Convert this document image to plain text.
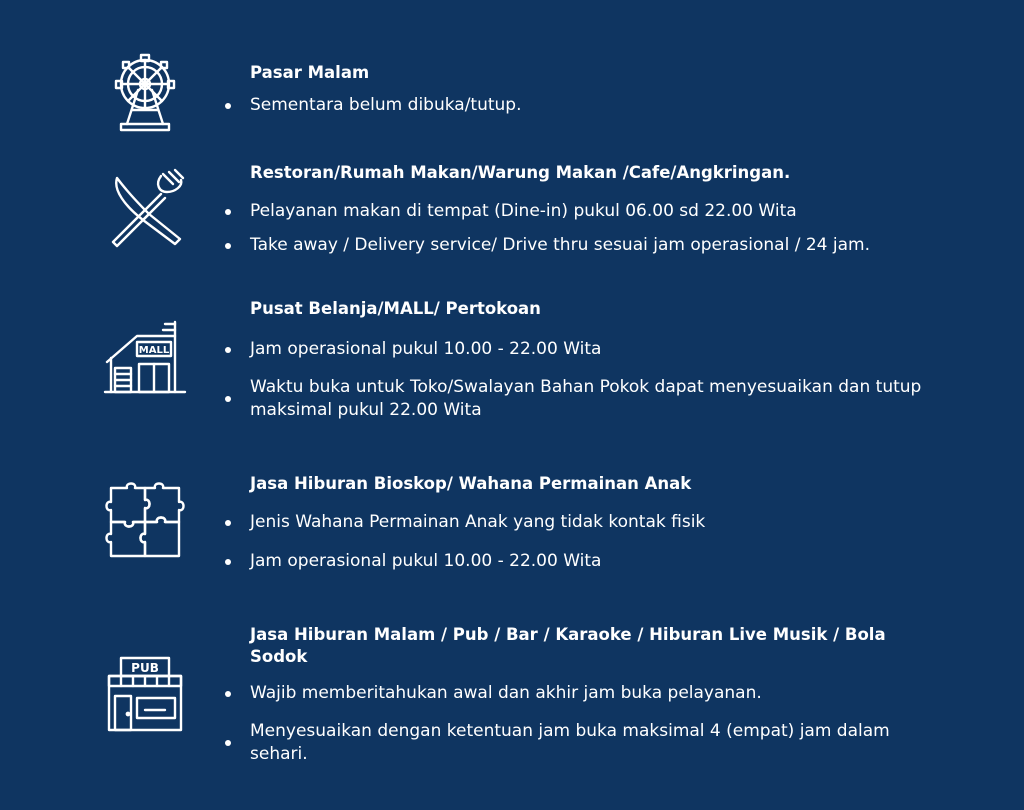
Pasar Malam
Sementara belum dibuka/tutup.
Restoran/Rumah Makan/Warung Makan /Cafe/Angkringan.
Pelayanan makan di tempat (Dine-in) pukul 06.00 sd 22.00 Wita
Take away / Delivery service/ Drive thru sesuai jam operasional / 24 jam.
MALL
Pusat Belanja/MALL/ Pertokoan
Jam operasional pukul 10.00 - 22.00 Wita
Waktu buka untuk Toko/Swalayan Bahan Pokok dapat menyesuaikan dan tutup maksimal pukul 22.00 Wita
Jasa Hiburan Bioskop/ Wahana Permainan Anak
Jenis Wahana Permainan Anak yang tidak kontak fisik
Jam operasional pukul 10.00 - 22.00 Wita
PUB
Jasa Hiburan Malam / Pub / Bar / Karaoke / Hiburan Live Musik / Bola Sodok
Wajib memberitahukan awal dan akhir jam buka pelayanan.
Menyesuaikan dengan ketentuan jam buka maksimal 4 (empat) jam dalam sehari.
